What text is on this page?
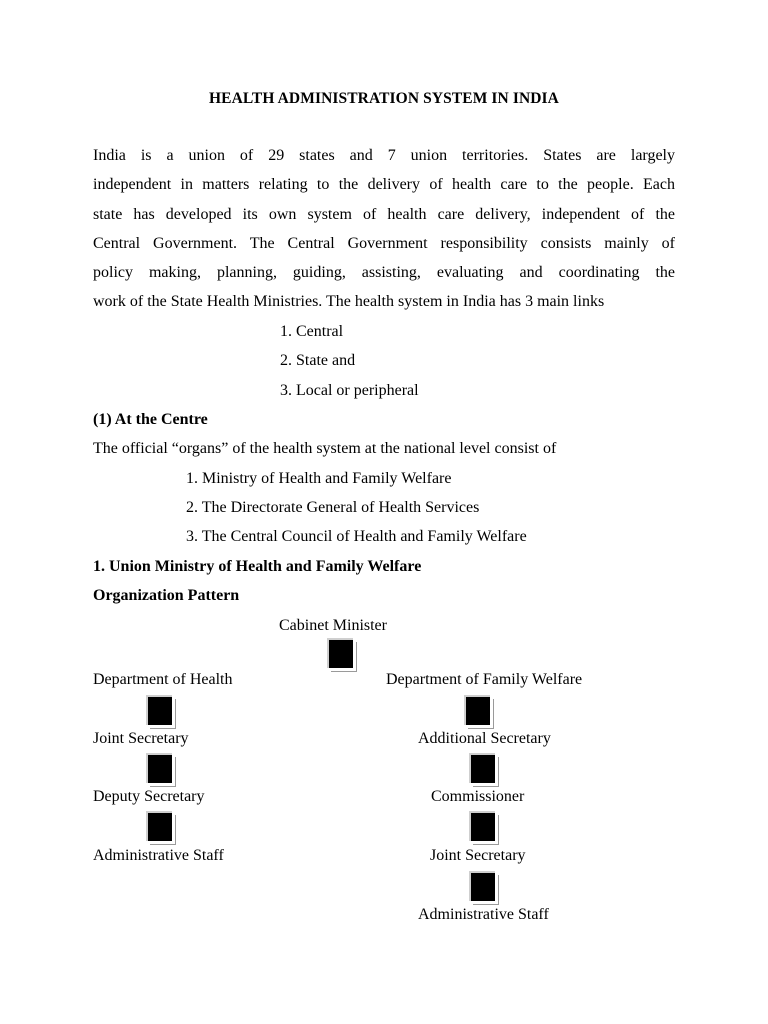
HEALTH ADMINISTRATION SYSTEM IN INDIA
India is a union of 29 states and 7 union territories. States are largely
independent in matters relating to the delivery of health care to the people. Each
state has developed its own system of health care delivery, independent of the
Central Government. The Central Government responsibility consists mainly of
policy making, planning, guiding, assisting, evaluating and coordinating the
work of the State Health Ministries. The health system in India has 3 main links
1. Central
2. State and
3. Local or peripheral
(1) At the Centre
The official “organs” of the health system at the national level consist of
1. Ministry of Health and Family Welfare
2. The Directorate General of Health Services
3. The Central Council of Health and Family Welfare
1. Union Ministry of Health and Family Welfare
Organization Pattern
Cabinet Minister
Department of Health	Department of Family Welfare
Joint Secretary	Additional Secretary
Deputy Secretary	Commissioner
Administrative Staff	Joint Secretary
Administrative Staff
